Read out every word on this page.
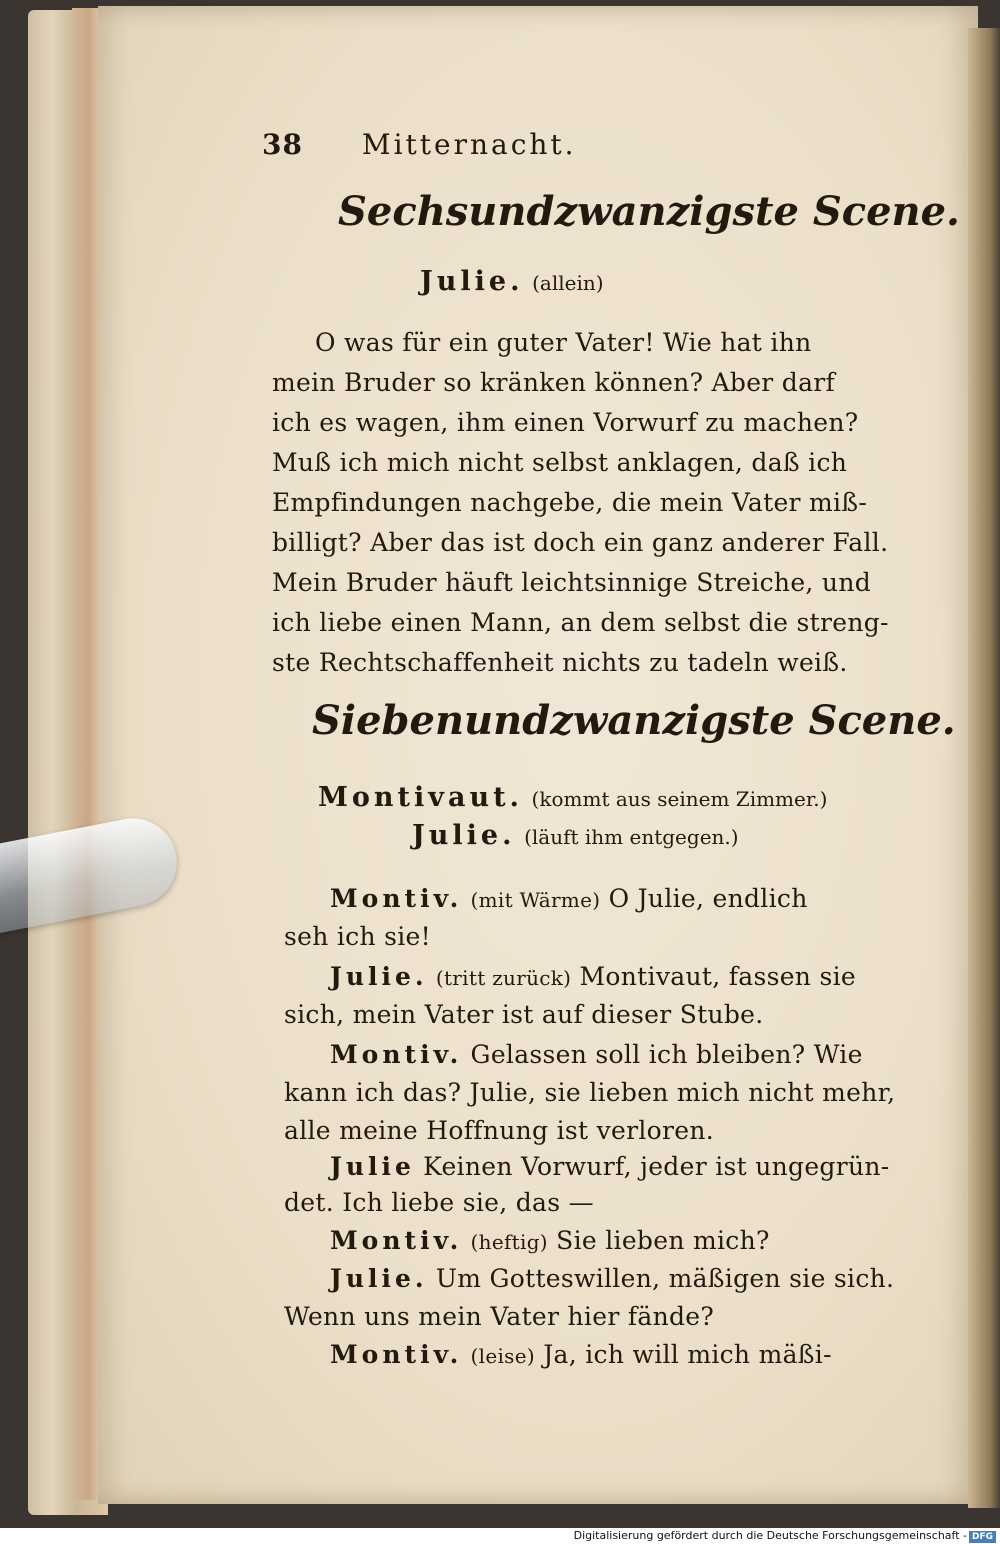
38 Mitternacht.
Sechsundzwanzigste Scene.
Julie. (allein)
O was für ein guter Vater! Wie hat ihn
mein Bruder so kränken können? Aber darf
ich es wagen, ihm einen Vorwurf zu machen?
Muß ich mich nicht selbst anklagen, daß ich
Empfindungen nachgebe, die mein Vater miß-
billigt? Aber das ist doch ein ganz anderer Fall.
Mein Bruder häuft leichtsinnige Streiche, und
ich liebe einen Mann, an dem selbst die streng-
ste Rechtschaffenheit nichts zu tadeln weiß.
Siebenundzwanzigste Scene.
Montivaut. (kommt aus seinem Zimmer.)
Julie. (läuft ihm entgegen.)
Montiv. (mit Wärme) O Julie, endlich
seh ich sie!
Julie. (tritt zurück) Montivaut, fassen sie
sich, mein Vater ist auf dieser Stube.
Montiv. Gelassen soll ich bleiben? Wie
kann ich das? Julie, sie lieben mich nicht mehr,
alle meine Hoffnung ist verloren.
Julie Keinen Vorwurf, jeder ist ungegrün-
det. Ich liebe sie, das —
Montiv. (heftig) Sie lieben mich?
Julie. Um Gotteswillen, mäßigen sie sich.
Wenn uns mein Vater hier fände?
Montiv. (leise) Ja, ich will mich mäßi-
Digitalisierung gefördert durch die Deutsche Forschungsgemeinschaft - DFG
